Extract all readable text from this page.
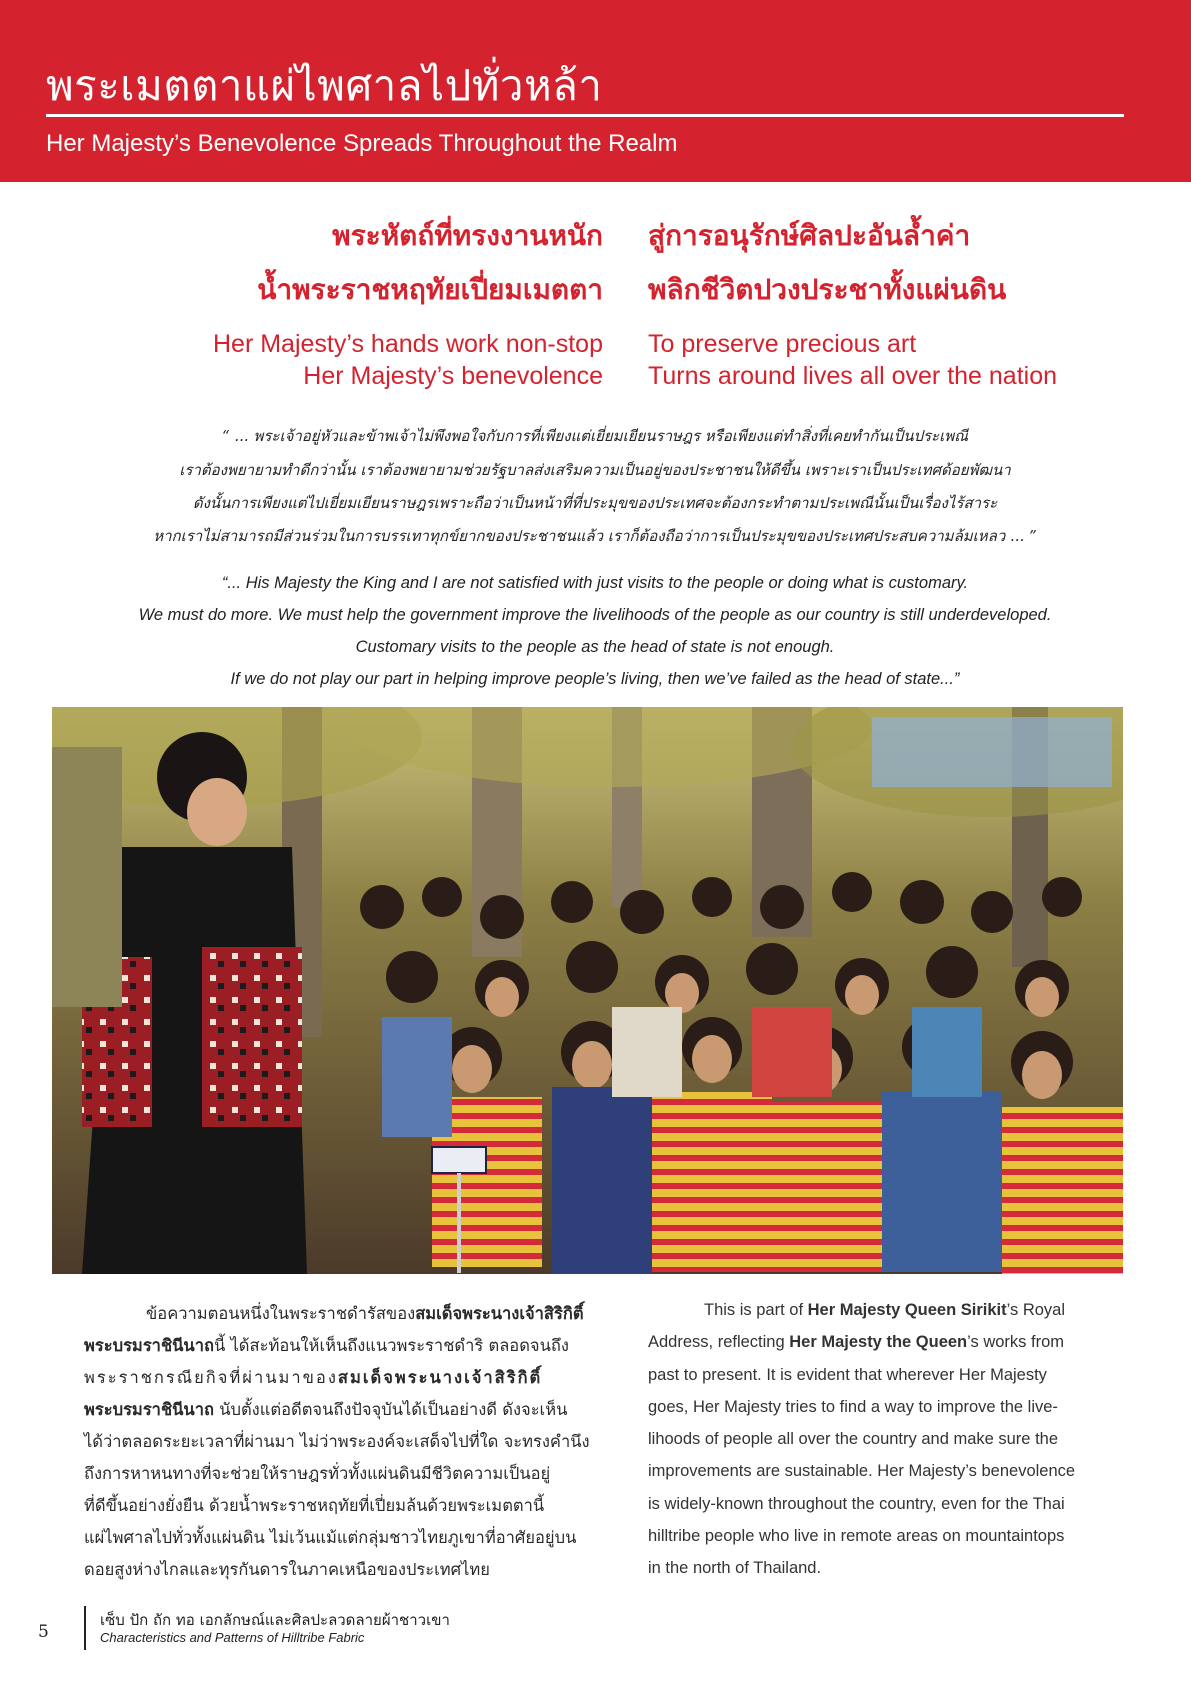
พระเมตตาแผ่ไพศาลไปทั่วหล้า
Her Majesty’s Benevolence Spreads Throughout the Realm
พระหัตถ์ที่ทรงงานหนัก
น้ำพระราชหฤทัยเปี่ยมเมตตา
สู่การอนุรักษ์ศิลปะอันล้ำค่า
พลิกชีวิตปวงประชาทั้งแผ่นดิน
Her Majesty’s hands work non-stop
Her Majesty’s benevolence
To preserve precious art
Turns around lives all over the nation
“ ... พระเจ้าอยู่หัวและข้าพเจ้าไม่พึงพอใจกับการที่เพียงแต่เยี่ยมเยียนราษฎร หรือเพียงแต่ทำสิ่งที่เคยทำกันเป็นประเพณี
เราต้องพยายามทำดีกว่านั้น เราต้องพยายามช่วยรัฐบาลส่งเสริมความเป็นอยู่ของประชาชนให้ดีขึ้น เพราะเราเป็นประเทศด้อยพัฒนา
ดังนั้นการเพียงแต่ไปเยี่ยมเยียนราษฎรเพราะถือว่าเป็นหน้าที่ที่ประมุขของประเทศจะต้องกระทำตามประเพณีนั้นเป็นเรื่องไร้สาระ
หากเราไม่สามารถมีส่วนร่วมในการบรรเทาทุกข์ยากของประชาชนแล้ว เราก็ต้องถือว่าการเป็นประมุขของประเทศประสบความล้มเหลว ... ”
“... His Majesty the King and I are not satisfied with just visits to the people or doing what is customary.
We must do more. We must help the government improve the livelihoods of the people as our country is still underdeveloped.
Customary visits to the people as the head of state is not enough.
If we do not play our part in helping improve people’s living, then we’ve failed as the head of state...”
ข้อความตอนหนึ่งในพระราชดำรัสของสมเด็จพระนางเจ้าสิริกิติ์
พระบรมราชินีนาถนี้ ได้สะท้อนให้เห็นถึงแนวพระราชดำริ ตลอดจนถึง
พระราชกรณียกิจที่ผ่านมาของสมเด็จพระนางเจ้าสิริกิติ์
พระบรมราชินีนาถ นับตั้งแต่อดีตจนถึงปัจจุบันได้เป็นอย่างดี ดังจะเห็น
ได้ว่าตลอดระยะเวลาที่ผ่านมา ไม่ว่าพระองค์จะเสด็จไปที่ใด จะทรงคำนึง
ถึงการหาหนทางที่จะช่วยให้ราษฎรทั่วทั้งแผ่นดินมีชีวิตความเป็นอยู่
ที่ดีขึ้นอย่างยั่งยืน ด้วยน้ำพระราชหฤทัยที่เปี่ยมล้นด้วยพระเมตตานี้
แผ่ไพศาลไปทั่วทั้งแผ่นดิน ไม่เว้นแม้แต่กลุ่มชาวไทยภูเขาที่อาศัยอยู่บน
ดอยสูงห่างไกลและทุรกันดารในภาคเหนือของประเทศไทย
This is part of Her Majesty Queen Sirikit’s Royal
Address, reflecting Her Majesty the Queen’s works from
past to present. It is evident that wherever Her Majesty
goes, Her Majesty tries to find a way to improve the live-
lihoods of people all over the country and make sure the
improvements are sustainable. Her Majesty’s benevolence
is widely-known throughout the country, even for the Thai
hilltribe people who live in remote areas on mountaintops
in the north of Thailand.
5
เซ็บ ปัก ถัก ทอ เอกลักษณ์และศิลปะลวดลายผ้าชาวเขา
Characteristics and Patterns of Hilltribe Fabric
